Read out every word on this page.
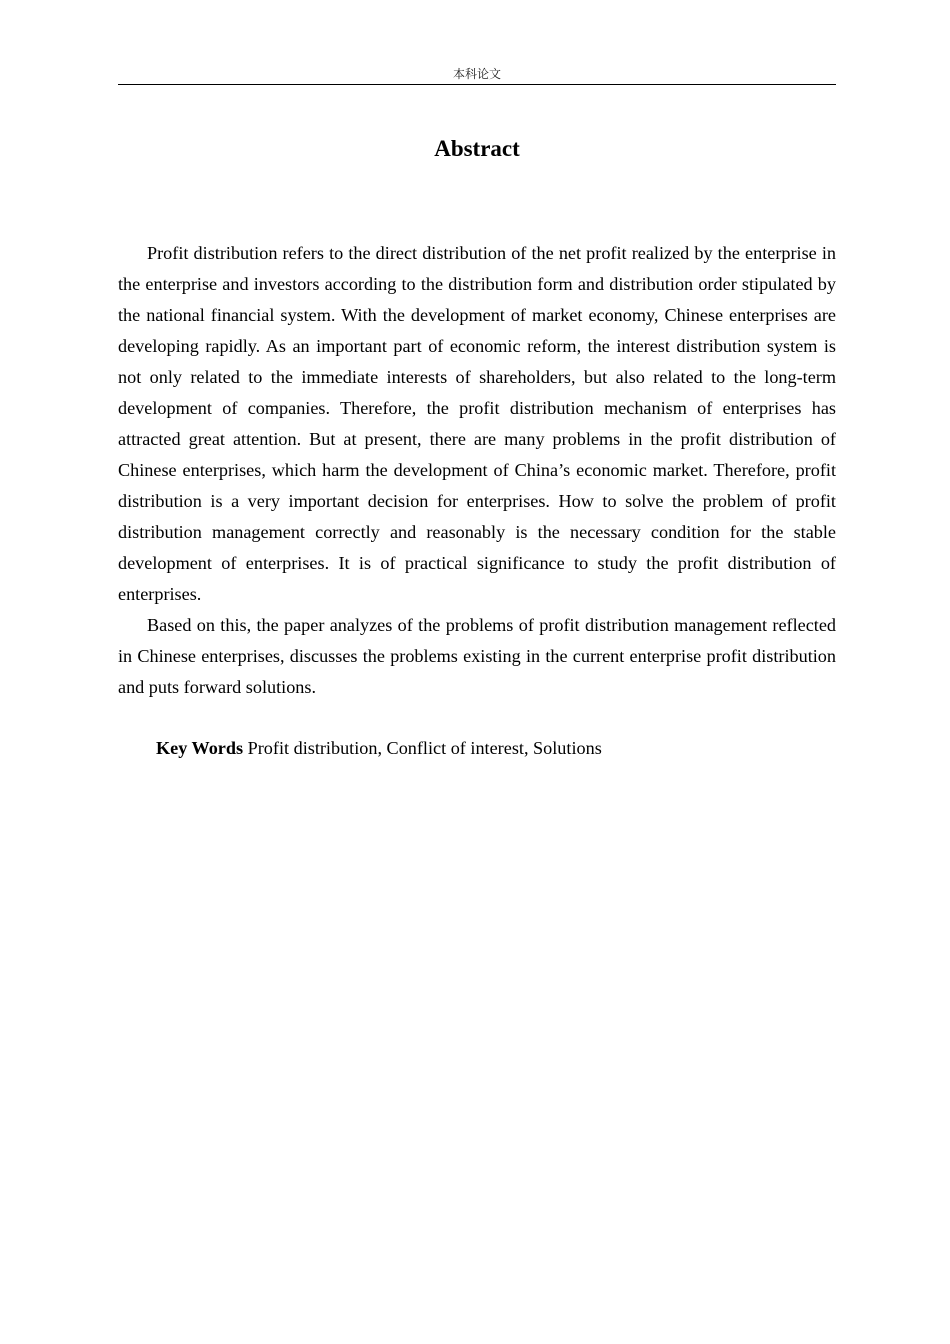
本科论文
Abstract

Profit distribution refers to the direct distribution of the net profit realized by the enterprise in the enterprise and investors according to the distribution form and distribution order stipulated by the national financial system. With the development of market economy, Chinese enterprises are developing rapidly. As an important part of economic reform, the interest distribution system is not only related to the immediate interests of shareholders, but also related to the long-term development of companies. Therefore, the profit distribution mechanism of enterprises has attracted great attention. But at present, there are many problems in the profit distribution of Chinese enterprises, which harm the development of China’s economic market. Therefore, profit distribution is a very important decision for enterprises. How to solve the problem of profit distribution management correctly and reasonably is the necessary condition for the stable development of enterprises. It is of practical significance to study the profit distribution of enterprises.

Based on this, the paper analyzes of the problems of profit distribution management reflected in Chinese enterprises, discusses the problems existing in the current enterprise profit distribution and puts forward solutions.

Key Words Profit distribution, Conflict of interest, Solutions
